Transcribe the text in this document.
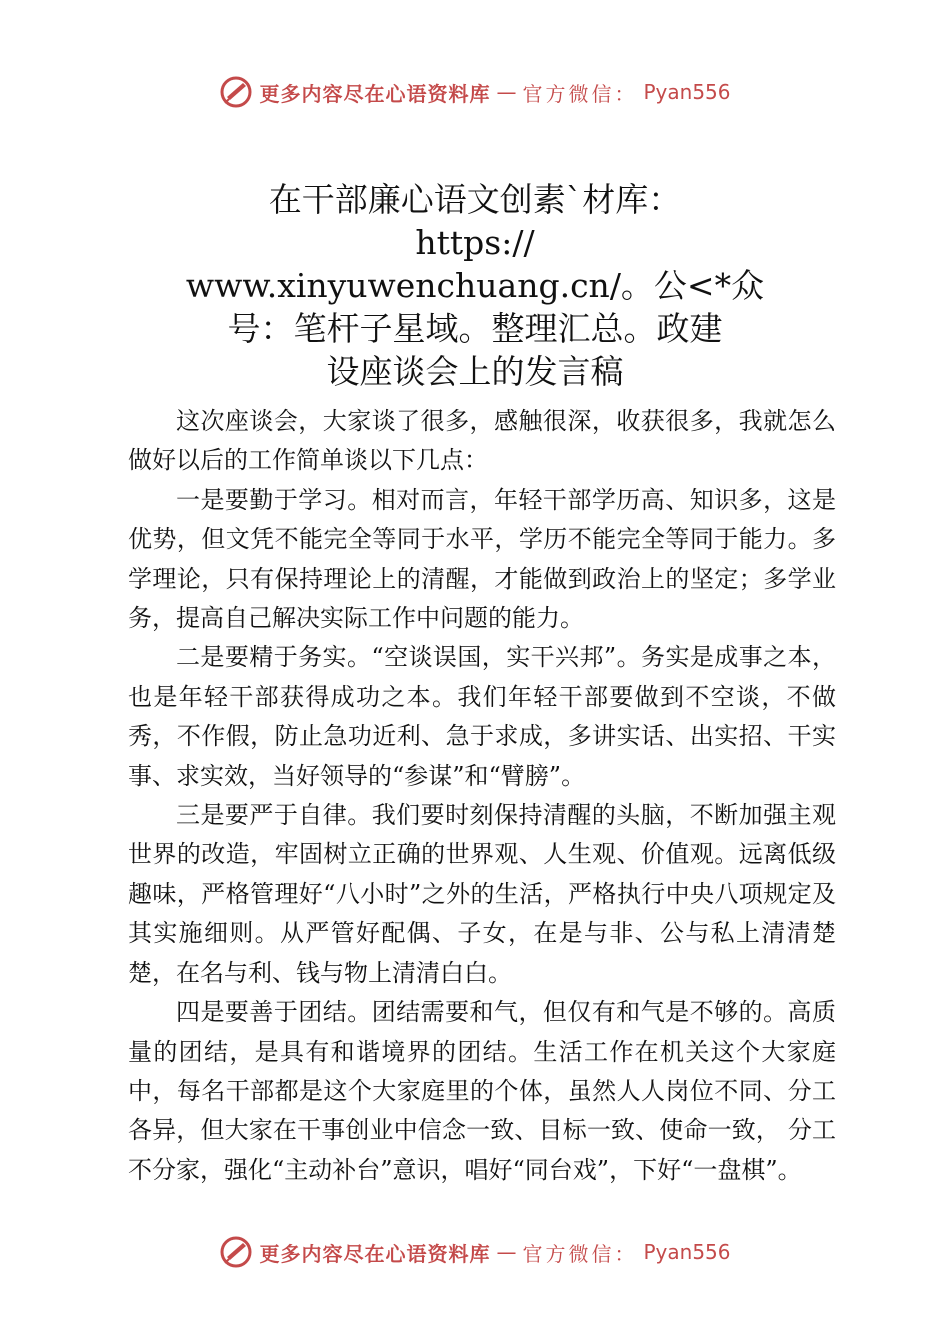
更多内容尽在心语资料库 — 官方微信： Pyan556
在干部廉心语文创素`材库：
https://
www.xinyuwenchuang.cn/。公<*众
号：笔杆子星域。整理汇总。政建
设座谈会上的发言稿

这次座谈会，大家谈了很多，感触很深，收获很多，我就怎么做好以后的工作简单谈以下几点：

一是要勤于学习。相对而言，年轻干部学历高、知识多，这是优势，但文凭不能完全等同于水平，学历不能完全等同于能力。多学理论，只有保持理论上的清醒，才能做到政治上的坚定；多学业务，提高自己解决实际工作中问题的能力。

二是要精于务实。“空谈误国，实干兴邦”。务实是成事之本，也是年轻干部获得成功之本。我们年轻干部要做到不空谈，不做秀，不作假，防止急功近利、急于求成，多讲实话、出实招、干实事、求实效，当好领导的“参谋”和“臂膀”。

三是要严于自律。我们要时刻保持清醒的头脑，不断加强主观世界的改造，牢固树立正确的世界观、人生观、价值观。远离低级趣味，严格管理好“八小时”之外的生活，严格执行中央八项规定及其实施细则。从严管好配偶、子女，在是与非、公与私上清清楚楚，在名与利、钱与物上清清白白。

四是要善于团结。团结需要和气，但仅有和气是不够的。高质量的团结，是具有和谐境界的团结。生活工作在机关这个大家庭中，每名干部都是这个大家庭里的个体，虽然人人岗位不同、分工各异，但大家在干事创业中信念一致、目标一致、使命一致， 分工不分家，强化“主动补台”意识，唱好“同台戏”，下好“一盘棋”。

更多内容尽在心语资料库 — 官方微信： Pyan556
